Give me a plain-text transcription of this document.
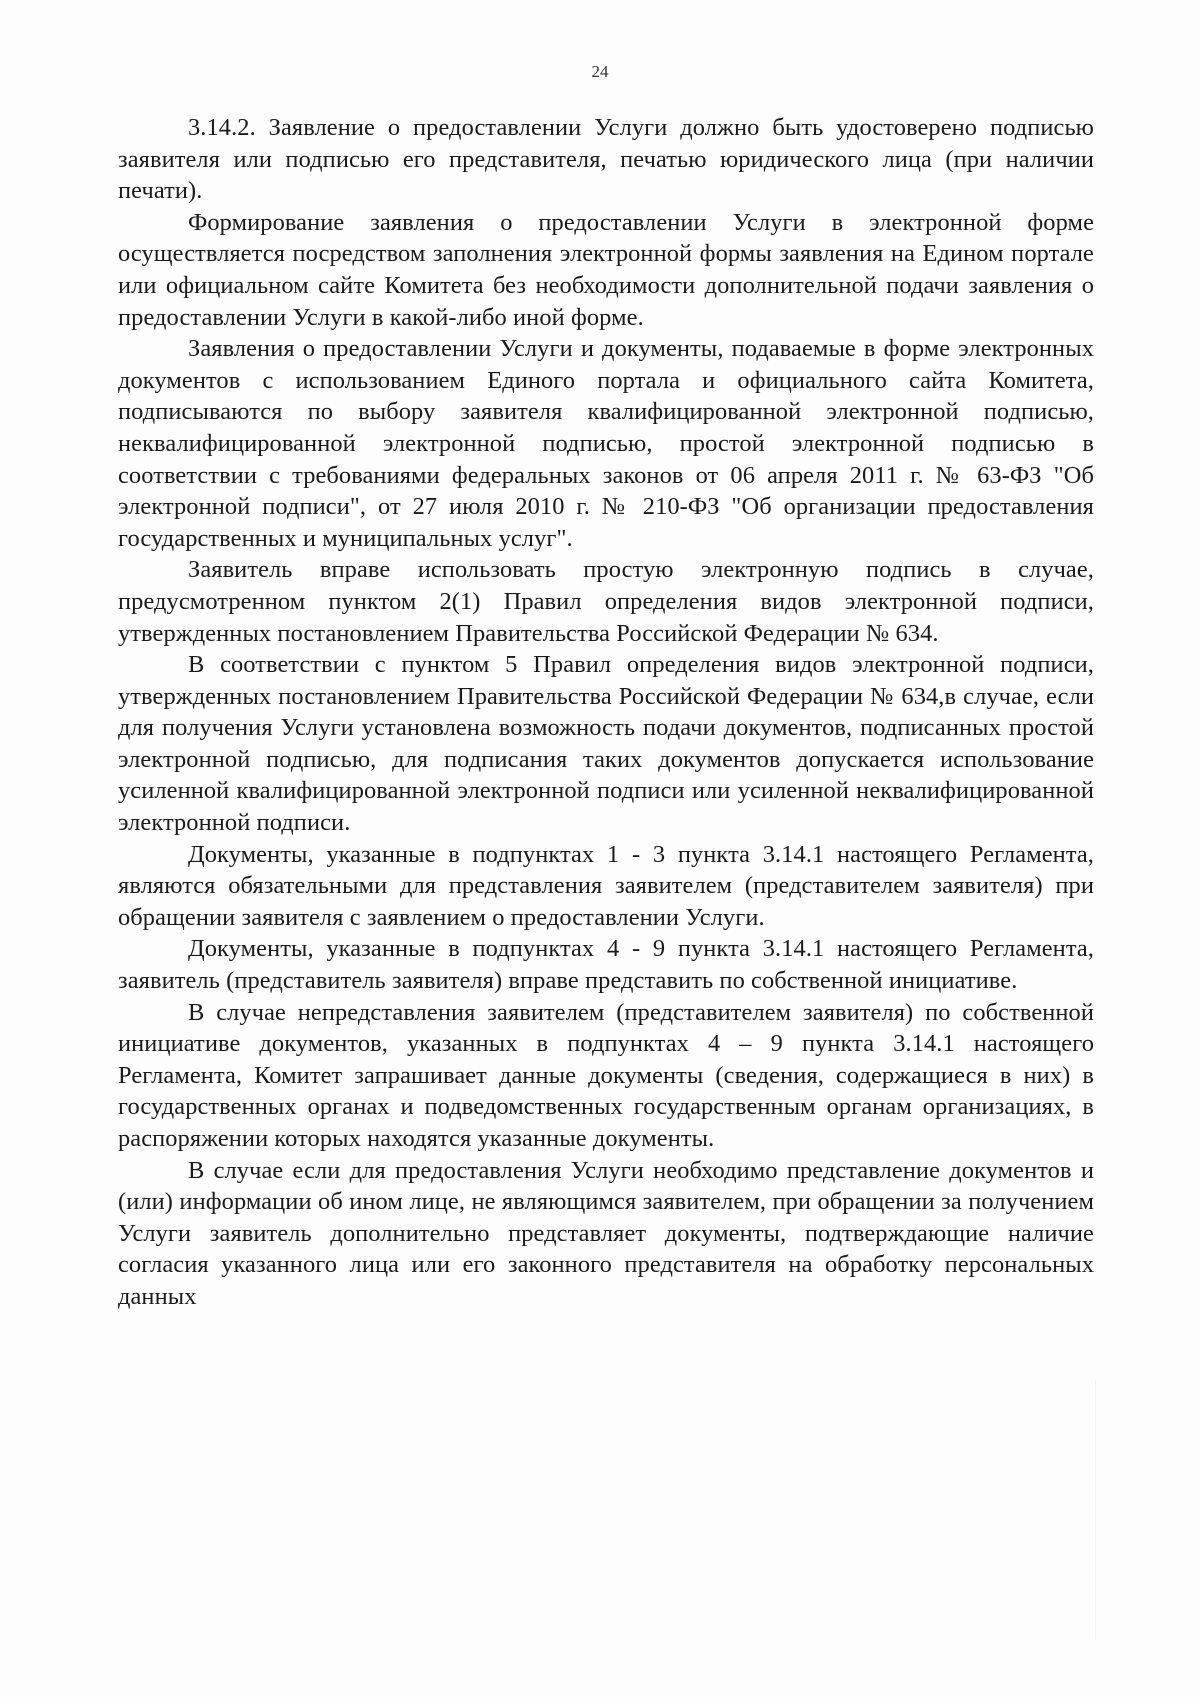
24

3.14.2. Заявление о предоставлении Услуги должно быть удостоверено подписью заявителя или подписью его представителя, печатью юридического лица (при наличии печати).

Формирование заявления о предоставлении Услуги в электронной форме осуществляется посредством заполнения электронной формы заявления на Едином портале или официальном сайте Комитета без необходимости дополнительной подачи заявления о предоставлении Услуги в какой-либо иной форме.

Заявления о предоставлении Услуги и документы, подаваемые в форме электронных документов с использованием Единого портала и официального сайта Комитета, подписываются по выбору заявителя квалифицированной электронной подписью, неквалифицированной электронной подписью, простой электронной подписью в соответствии с требованиями федеральных законов от 06 апреля 2011 г. № 63-ФЗ "Об электронной подписи", от 27 июля 2010 г. № 210-ФЗ "Об организации предоставления государственных и муниципальных услуг".

Заявитель вправе использовать простую электронную подпись в случае, предусмотренном пунктом 2(1) Правил определения видов электронной подписи, утвержденных постановлением Правительства Российской Федерации № 634.

В соответствии с пунктом 5 Правил определения видов электронной подписи, утвержденных постановлением Правительства Российской Федерации № 634,в случае, если для получения Услуги установлена возможность подачи документов, подписанных простой электронной подписью, для подписания таких документов допускается использование усиленной квалифицированной электронной подписи или усиленной неквалифицированной электронной подписи.

Документы, указанные в подпунктах 1 - 3 пункта 3.14.1 настоящего Регламента, являются обязательными для представления заявителем (представителем заявителя) при обращении заявителя с заявлением о предоставлении Услуги.

Документы, указанные в подпунктах 4 - 9 пункта 3.14.1 настоящего Регламента, заявитель (представитель заявителя) вправе представить по собственной инициативе.

В случае непредставления заявителем (представителем заявителя) по собственной инициативе документов, указанных в подпунктах 4 – 9 пункта 3.14.1 настоящего Регламента, Комитет запрашивает данные документы (сведения, содержащиеся в них) в государственных органах и подведомственных государственным органам организациях, в распоряжении которых находятся указанные документы.

В случае если для предоставления Услуги необходимо представление документов и (или) информации об ином лице, не являющимся заявителем, при обращении за получением Услуги заявитель дополнительно представляет документы, подтверждающие наличие согласия указанного лица или его законного представителя на обработку персональных данных
